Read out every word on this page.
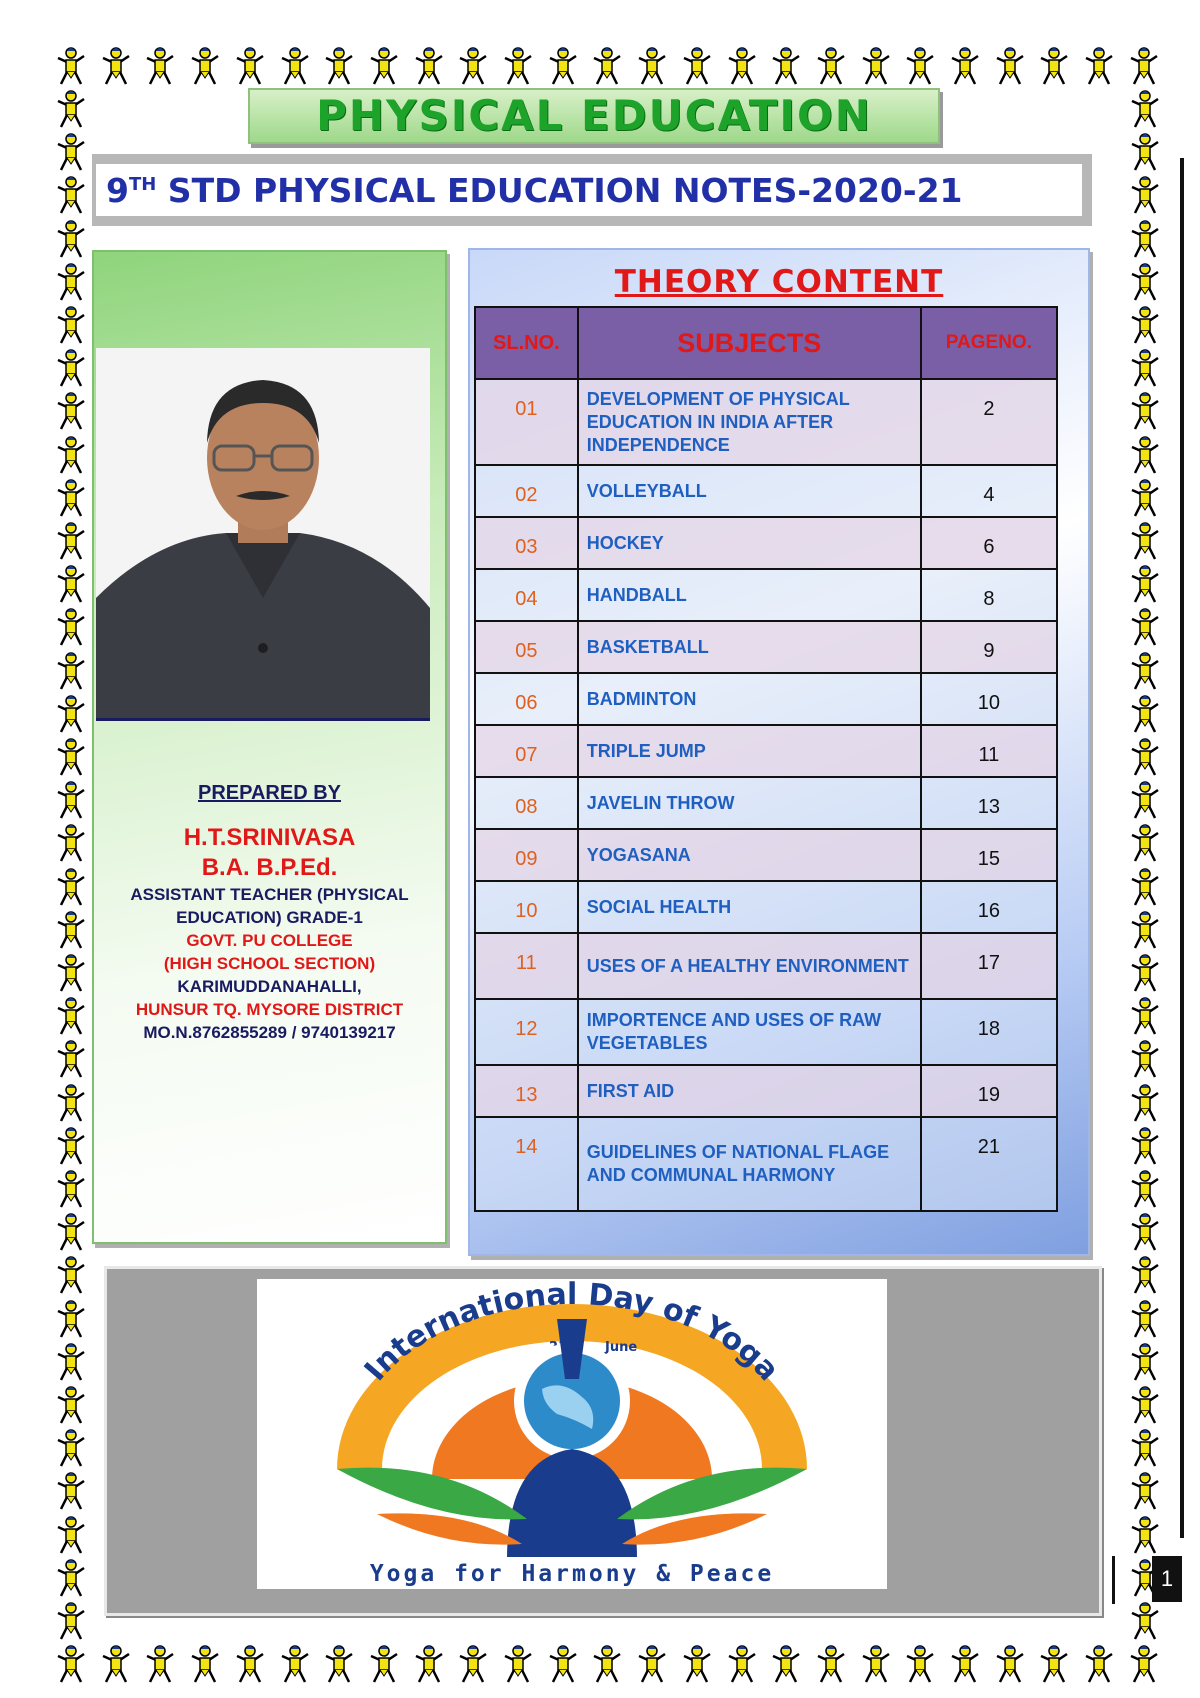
PHYSICAL EDUCATION
9TH STD PHYSICAL EDUCATION NOTES-2020-21
PREPARED BY
H.T.SRINIVASA
B.A. B.P.Ed.
ASSISTANT TEACHER (PHYSICAL
EDUCATION) GRADE-1
GOVT. PU COLLEGE
(HIGH SCHOOL SECTION)
KARIMUDDANAHALLI,
HUNSUR TQ. MYSORE DISTRICT
MO.N.8762855289 / 9740139217
THEORY CONTENT
SL.NO.	SUBJECTS	PAGENO.
01	DEVELOPMENT OF PHYSICAL EDUCATION IN INDIA AFTER INDEPENDENCE	2
02	VOLLEYBALL	4
03	HOCKEY	6
04	HANDBALL	8
05	BASKETBALL	9
06	BADMINTON	10
07	TRIPLE JUMP	11
08	JAVELIN THROW	13
09	YOGASANA	15
10	SOCIAL HEALTH	16
11	USES OF A HEALTHY ENVIRONMENT	17
12	IMPORTENCE AND USES OF RAW VEGETABLES	18
13	FIRST AID	19
14	GUIDELINES OF NATIONAL FLAGE AND COMMUNAL HARMONY	21
International Day of Yoga
June
Yoga for Harmony & Peace	1
